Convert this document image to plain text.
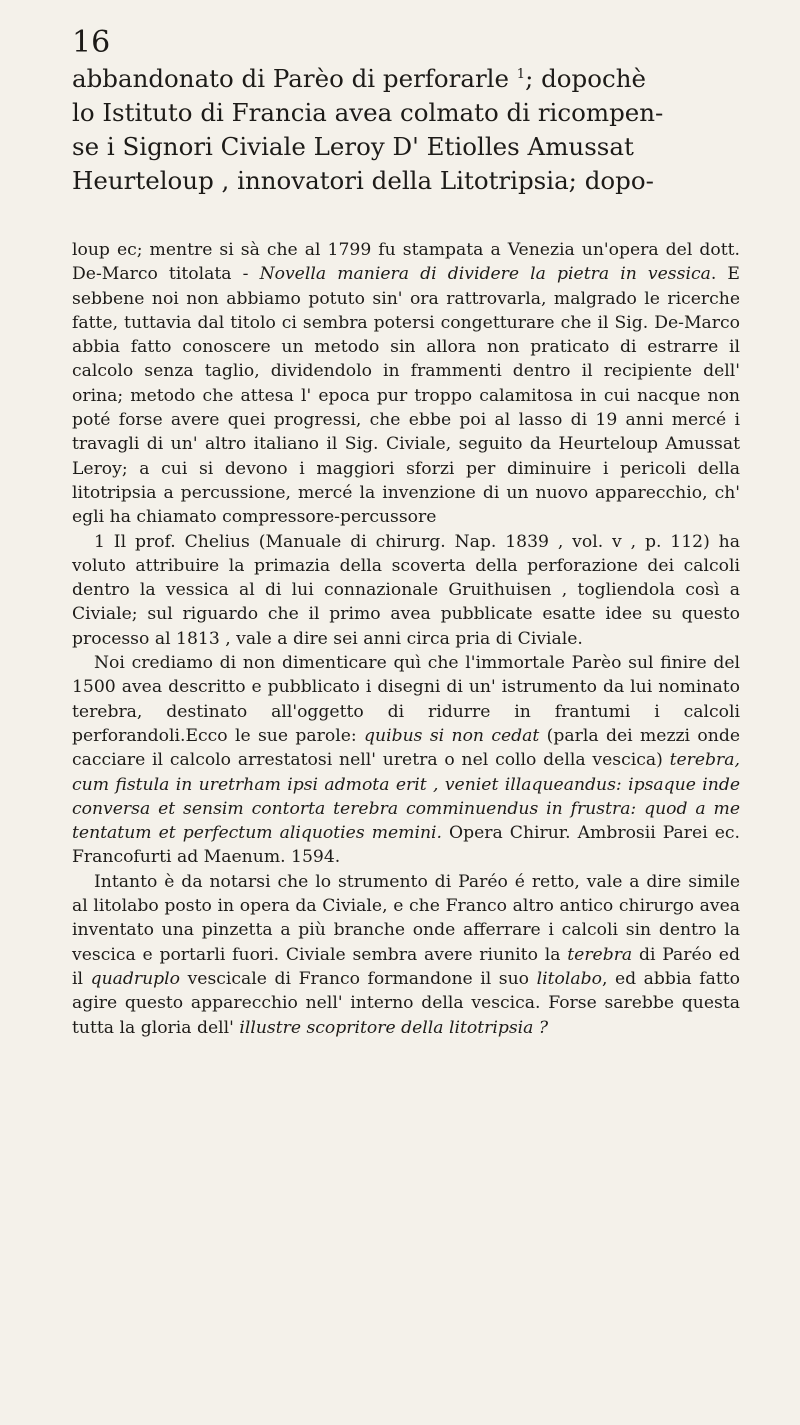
16

abbandonato di Parèo di perforarle $^1$; dopochè
lo Istituto di Francia avea colmato di ricompen-
se i Signori Civiale Leroy D' Etiolles Amussat
Heurteloup , innovatori della Litotripsia; dopo-

loup ec; mentre si sà che al 1799 fu stampata a Venezia un'opera del dott. De-Marco titolata - Novella maniera di dividere la pietra in vessica. E sebbene noi non abbiamo potuto sin' ora rattrovarla, malgrado le ricerche fatte, tuttavia dal titolo ci sembra potersi congetturare che il Sig. De-Marco abbia fatto conoscere un metodo sin allora non praticato di estrarre il calcolo senza taglio, dividendolo in frammenti dentro il recipiente dell' orina; metodo che attesa l' epoca pur troppo calamitosa in cui nacque non poté forse avere quei progressi, che ebbe poi al lasso di 19 anni mercé i travagli di un' altro italiano il Sig. Civiale, seguito da Heurteloup Amussat Leroy; a cui si devono i maggiori sforzi per diminuire i pericoli della litotripsia a percussione, mercé la invenzione di un nuovo apparecchio, ch' egli ha chiamato compressore-percussore

1 Il prof. Chelius (Manuale di chirurg. Nap. 1839 , vol. v , p. 112) ha voluto attribuire la primazia della scoverta della perforazione dei calcoli dentro la vessica al di lui connazionale Gruithuisen , togliendola così a Civiale; sul riguardo che il primo avea pubblicate esatte idee su questo processo al 1813 , vale a dire sei anni circa pria di Civiale.

Noi crediamo di non dimenticare quì che l'immortale Parèo sul finire del 1500 avea descritto e pubblicato i disegni di un' istrumento da lui nominato terebra, destinato all'oggetto di ridurre in frantumi i calcoli perforandoli.Ecco le sue parole: quibus si non cedat (parla dei mezzi onde cacciare il calcolo arrestatosi nell' uretra o nel collo della vescica) terebra, cum fistula in uretrham ipsi admota erit , veniet illaqueandus: ipsaque inde conversa et sensim contorta terebra comminuendus in frustra: quod a me tentatum et perfectum aliquoties memini. Opera Chirur. Ambrosii Parei ec. Francofurti ad Maenum. 1594.

Intanto è da notarsi che lo strumento di Paréo é retto, vale a dire simile al litolabo posto in opera da Civiale, e che Franco altro antico chirurgo avea inventato una pinzetta a più branche onde afferrare i calcoli sin dentro la vescica e portarli fuori. Civiale sembra avere riunito la terebra di Paréo ed il quadruplo vescicale di Franco formandone il suo litolabo, ed abbia fatto agire questo apparecchio nell' interno della vescica. Forse sarebbe questa tutta la gloria dell' illustre scopritore della litotripsia ?
